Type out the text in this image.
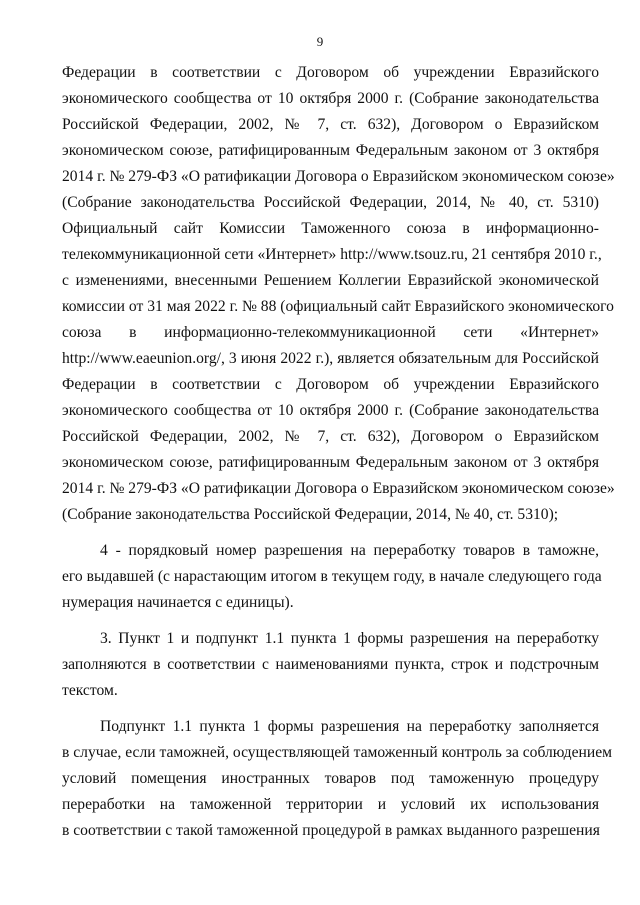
9
Федерации в соответствии с Договором об учреждении Евразийского
экономического сообщества от 10 октября 2000 г. (Собрание законодательства
Российской Федерации, 2002, № 7, ст. 632), Договором о Евразийском
экономическом союзе, ратифицированным Федеральным законом от 3 октября
2014 г. № 279-ФЗ «О ратификации Договора о Евразийском экономическом союзе»
(Собрание законодательства Российской Федерации, 2014, № 40, ст. 5310)
Официальный сайт Комиссии Таможенного союза в информационно-
телекоммуникационной сети «Интернет» http://www.tsouz.ru, 21 сентября 2010 г.,
с изменениями, внесенными Решением Коллегии Евразийской экономической
комиссии от 31 мая 2022 г. № 88 (официальный сайт Евразийского экономического
союза в информационно-телекоммуникационной сети «Интернет»
http://www.eaeunion.org/, 3 июня 2022 г.), является обязательным для Российской
Федерации в соответствии с Договором об учреждении Евразийского
экономического сообщества от 10 октября 2000 г. (Собрание законодательства
Российской Федерации, 2002, № 7, ст. 632), Договором о Евразийском
экономическом союзе, ратифицированным Федеральным законом от 3 октября
2014 г. № 279-ФЗ «О ратификации Договора о Евразийском экономическом союзе»
(Собрание законодательства Российской Федерации, 2014, № 40, ст. 5310);
4 - порядковый номер разрешения на переработку товаров в таможне,
его выдавшей (с нарастающим итогом в текущем году, в начале следующего года
нумерация начинается с единицы).
3. Пункт 1 и подпункт 1.1 пункта 1 формы разрешения на переработку
заполняются в соответствии с наименованиями пункта, строк и подстрочным
текстом.
Подпункт 1.1 пункта 1 формы разрешения на переработку заполняется
в случае, если таможней, осуществляющей таможенный контроль за соблюдением
условий помещения иностранных товаров под таможенную процедуру
переработки на таможенной территории и условий их использования
в соответствии с такой таможенной процедурой в рамках выданного разрешения
